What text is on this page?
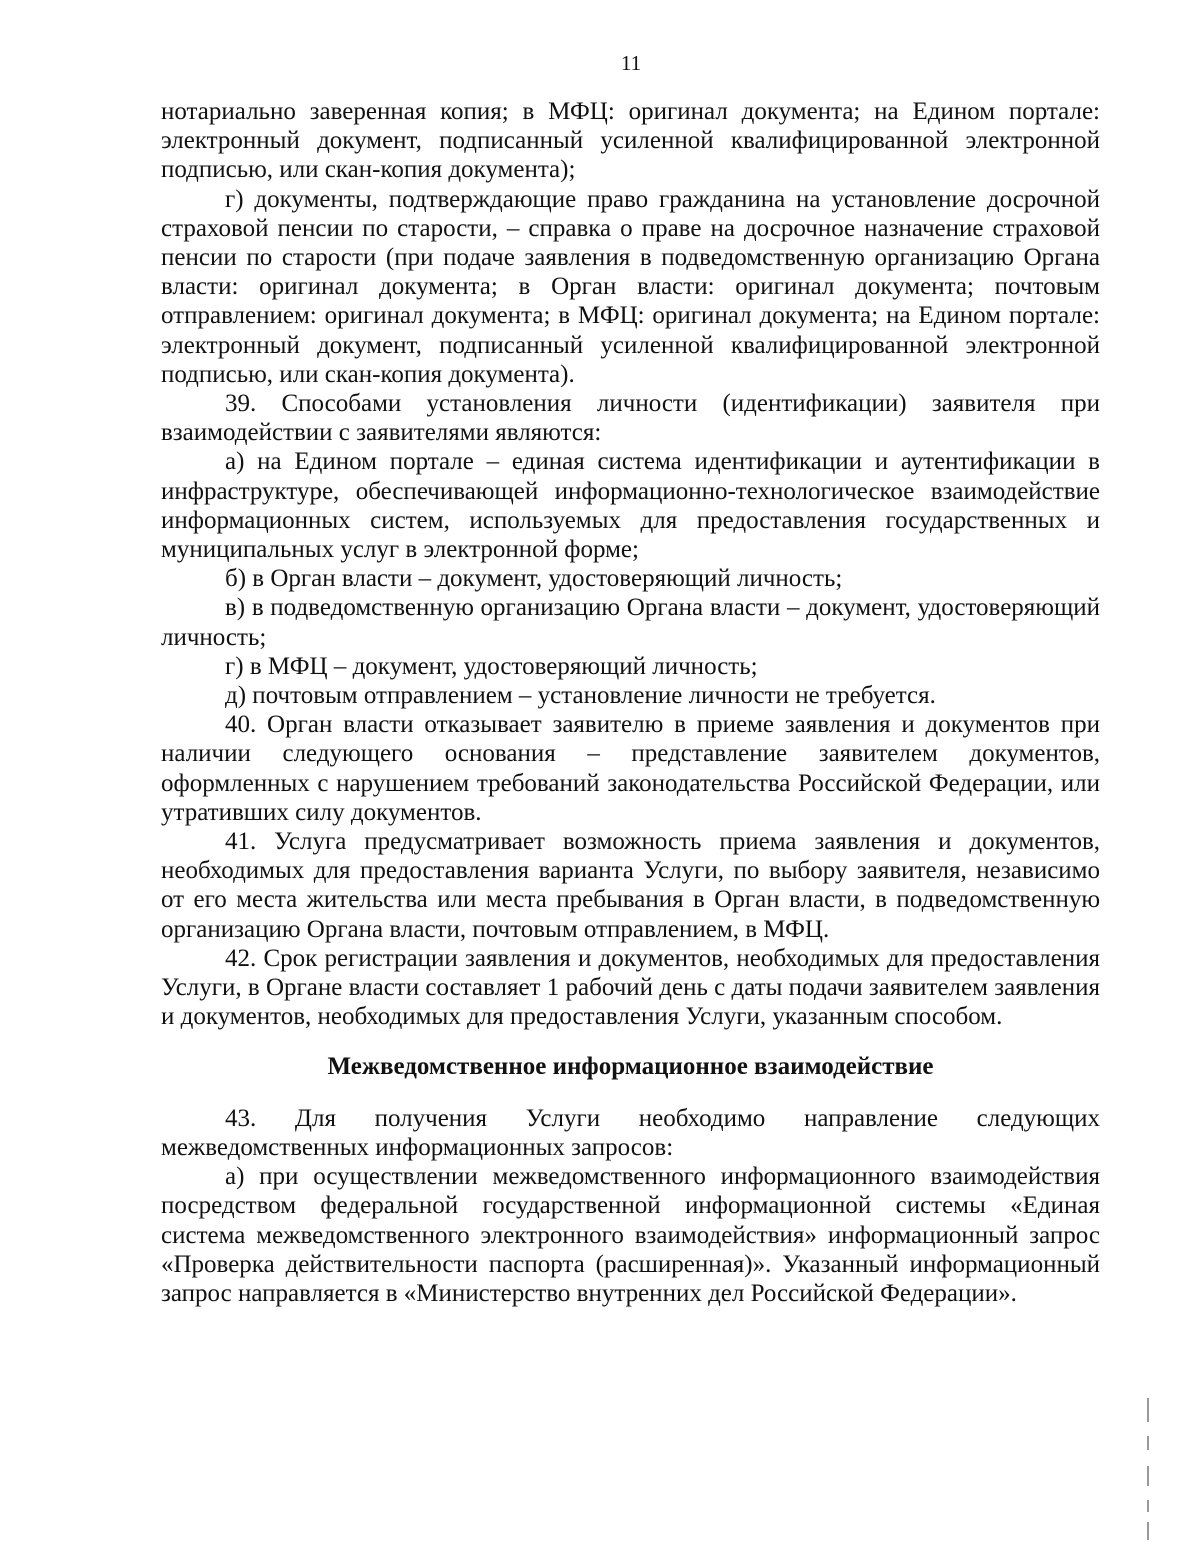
11

нотариально заверенная копия; в МФЦ: оригинал документа; на Едином портале: электронный документ, подписанный усиленной квалифицированной электронной подписью, или скан-копия документа);

г) документы, подтверждающие право гражданина на установление досрочной страховой пенсии по старости, – справка о праве на досрочное назначение страховой пенсии по старости (при подаче заявления в подведомственную организацию Органа власти: оригинал документа; в Орган власти: оригинал документа; почтовым отправлением: оригинал документа; в МФЦ: оригинал документа; на Едином портале: электронный документ, подписанный усиленной квалифицированной электронной подписью, или скан-копия документа).

39. Способами установления личности (идентификации) заявителя при взаимодействии с заявителями являются:

а) на Едином портале – единая система идентификации и аутентификации в инфраструктуре, обеспечивающей информационно-технологическое взаимодействие информационных систем, используемых для предоставления государственных и муниципальных услуг в электронной форме;

б) в Орган власти – документ, удостоверяющий личность;

в) в подведомственную организацию Органа власти – документ, удостоверяющий личность;

г) в МФЦ – документ, удостоверяющий личность;

д) почтовым отправлением – установление личности не требуется.

40. Орган власти отказывает заявителю в приеме заявления и документов при наличии следующего основания – представление заявителем документов, оформленных с нарушением требований законодательства Российской Федерации, или утративших силу документов.

41. Услуга предусматривает возможность приема заявления и документов, необходимых для предоставления варианта Услуги, по выбору заявителя, независимо от его места жительства или места пребывания в Орган власти, в подведомственную организацию Органа власти, почтовым отправлением, в МФЦ.

42. Срок регистрации заявления и документов, необходимых для предоставления Услуги, в Органе власти составляет 1 рабочий день с даты подачи заявителем заявления и документов, необходимых для предоставления Услуги, указанным способом.

Межведомственное информационное взаимодействие

43. Для получения Услуги необходимо направление следующих межведомственных информационных запросов:

а) при осуществлении межведомственного информационного взаимодействия посредством федеральной государственной информационной системы «Единая система межведомственного электронного взаимодействия» информационный запрос «Проверка действительности паспорта (расширенная)». Указанный информационный запрос направляется в «Министерство внутренних дел Российской Федерации».
